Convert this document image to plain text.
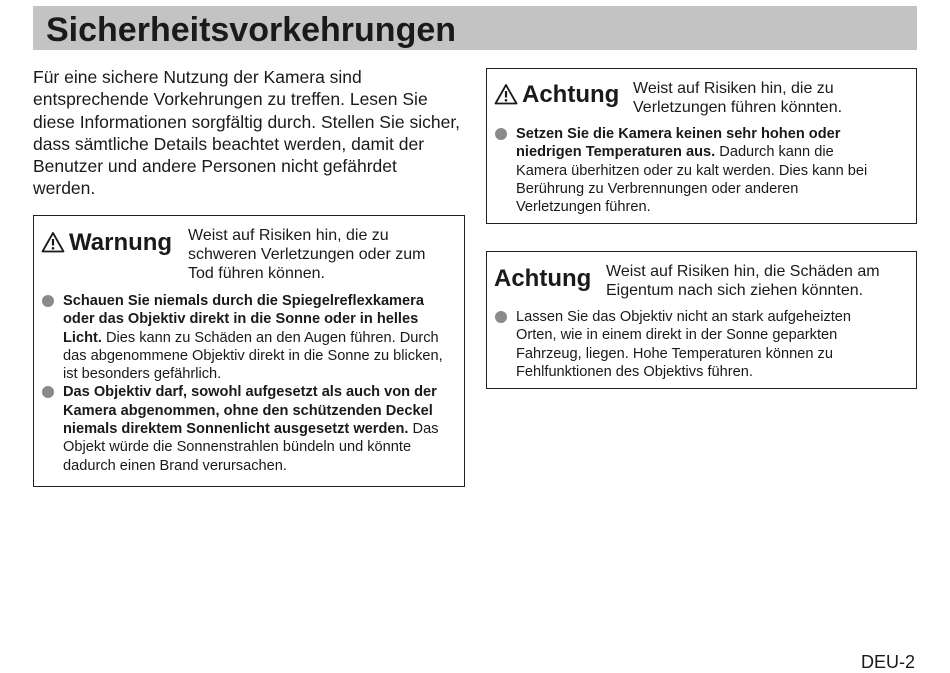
Sicherheitsvorkehrungen

Für eine sichere Nutzung der Kamera sind entsprechende Vorkehrungen zu treffen. Lesen Sie diese Informationen sorgfältig durch. Stellen Sie sicher, dass sämtliche Details beachtet werden, damit der Benutzer und andere Personen nicht gefährdet werden.

Warnung Weist auf Risiken hin, die zu schweren Verletzungen oder zum Tod führen können.
Schauen Sie niemals durch die Spiegelreflexkamera oder das Objektiv direkt in die Sonne oder in helles Licht. Dies kann zu Schäden an den Augen führen. Durch das abgenommene Objektiv direkt in die Sonne zu blicken, ist besonders gefährlich.
Das Objektiv darf, sowohl aufgesetzt als auch von der Kamera abgenommen, ohne den schützenden Deckel niemals direktem Sonnenlicht ausgesetzt werden. Das Objekt würde die Sonnenstrahlen bündeln und könnte dadurch einen Brand verursachen.
Achtung Weist auf Risiken hin, die zu Verletzungen führen könnten.
Setzen Sie die Kamera keinen sehr hohen oder niedrigen Temperaturen aus. Dadurch kann die Kamera überhitzen oder zu kalt werden. Dies kann bei Berührung zu Verbrennungen oder anderen Verletzungen führen.
Achtung Weist auf Risiken hin, die Schäden am Eigentum nach sich ziehen könnten.
Lassen Sie das Objektiv nicht an stark aufgeheizten Orten, wie in einem direkt in der Sonne geparkten Fahrzeug, liegen. Hohe Temperaturen können zu Fehlfunktionen des Objektivs führen.
DEU-2
